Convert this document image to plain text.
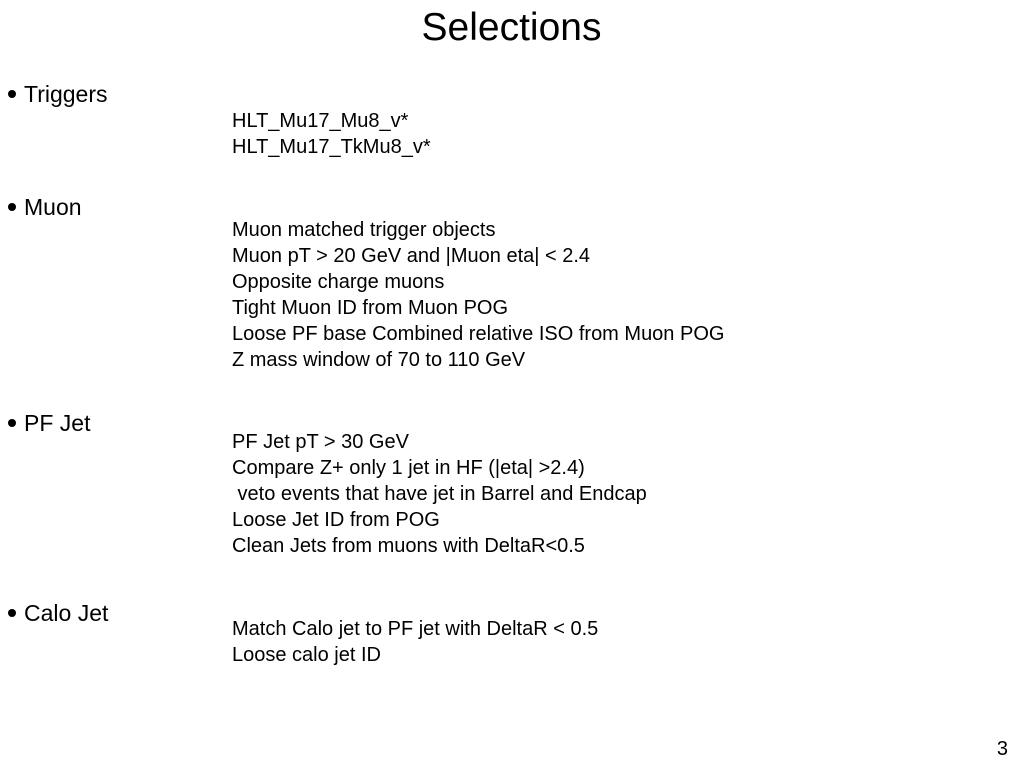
Selections
Triggers
HLT_Mu17_Mu8_v*
HLT_Mu17_TkMu8_v*
Muon
Muon matched trigger objects
Muon pT > 20 GeV and |Muon eta| < 2.4
Opposite charge muons
Tight Muon ID from Muon POG
Loose PF base Combined relative ISO from Muon POG
Z mass window of 70 to 110 GeV
PF Jet
PF Jet pT > 30 GeV
Compare Z+ only 1 jet in HF (|eta| >2.4)
veto events that have jet in Barrel and Endcap
Loose Jet ID from POG
Clean Jets from muons with DeltaR<0.5
Calo Jet
Match Calo jet to PF jet with DeltaR < 0.5
Loose calo jet ID
3
